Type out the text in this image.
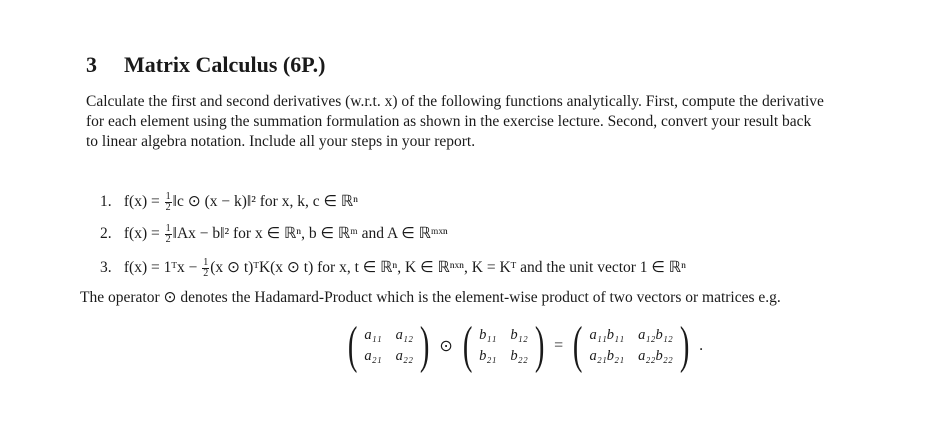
3 Matrix Calculus (6P.)
Calculate the first and second derivatives (w.r.t. x) of the following functions analytically. First, compute the derivative
for each element using the summation formulation as shown in the exercise lecture. Second, convert your result back
to linear algebra notation. Include all your steps in your report.
1. $f(x) = \frac{1}{2}$ ‖c ⊙ (x − k)‖² for x, k, c ∈ ℝⁿ
2. $f(x) = \frac{1}{2}$ ‖Ax − b‖² for x ∈ ℝⁿ, b ∈ ℝᵐ and A ∈ ℝᵐˣⁿ
3. f(x) = 1ᵀx − $\frac{1}{2} (x$ ⊙ t)ᵀK(x ⊙ t) for x, t ∈ ℝⁿ, K ∈ ℝⁿˣⁿ, K = Kᵀ and the unit vector 1 ∈ ℝⁿ
The operator ⊙ denotes the Hadamard-Product which is the element-wise product of two vectors or matrices e.g.
( a₁₁ a₁₂
a₂₁ a₂₂ ) ⊙ ( b₁₁ b₁₂
b₂₁ b₂₂ ) = ( a₁₁b₁₁ a₁₂b₁₂
a₂₁b₂₁ a₂₂b₂₂ ) .
